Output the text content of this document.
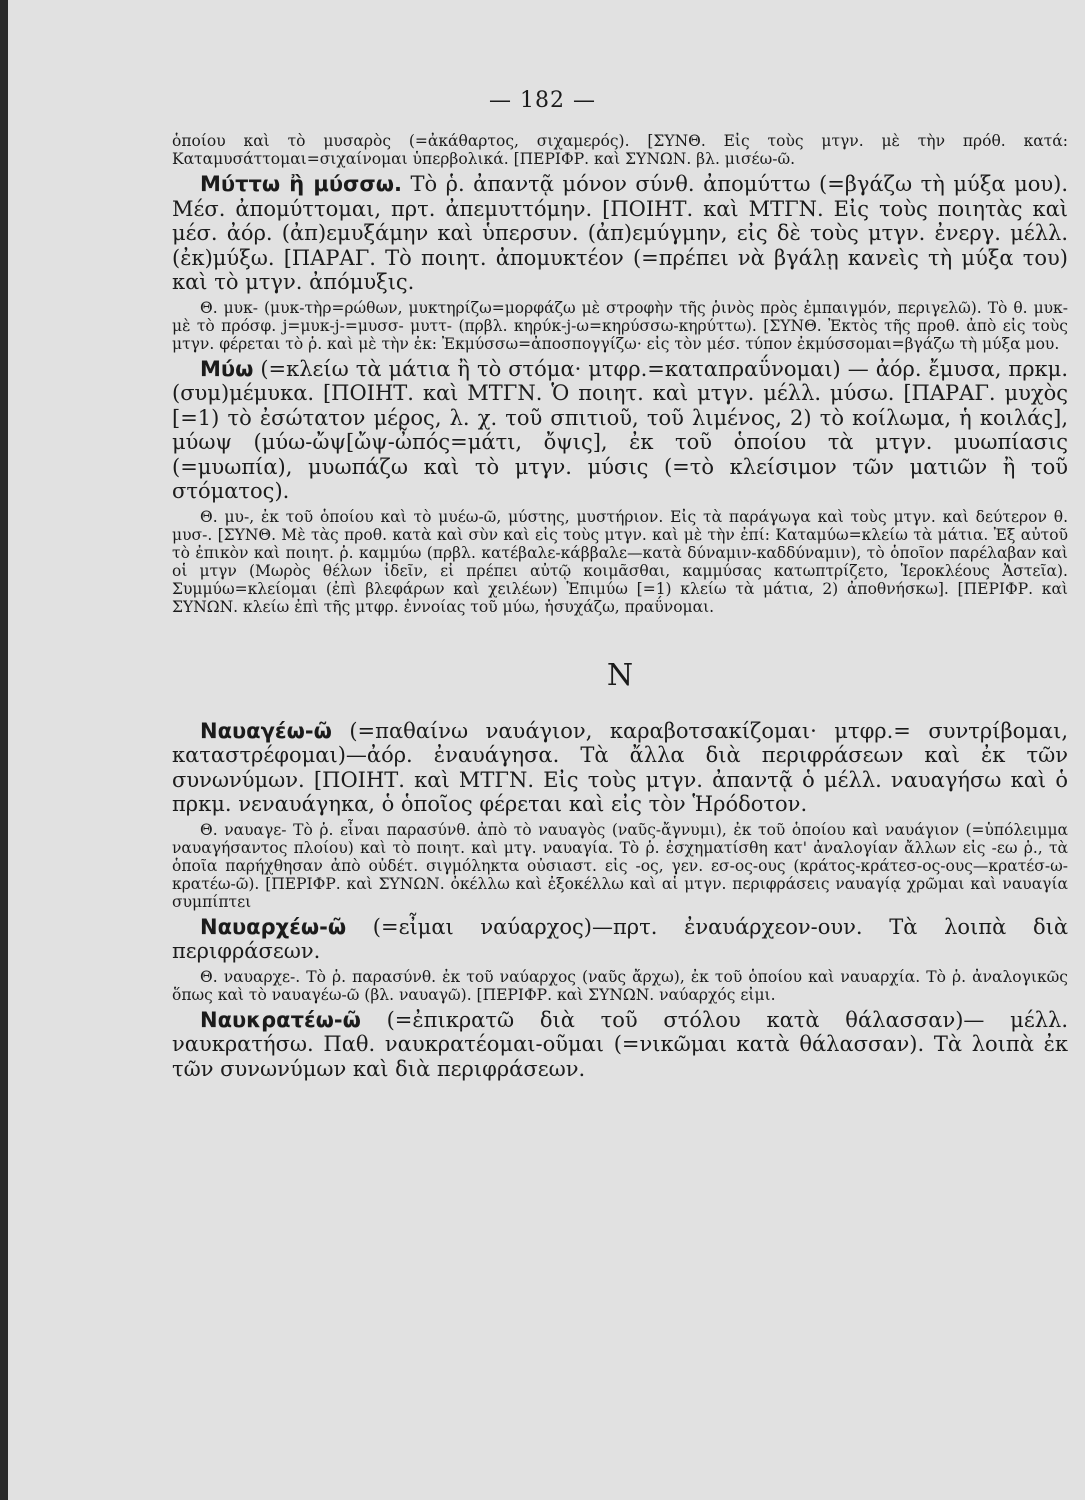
— 182 —

ὁποίου καὶ τὸ μυσαρὸς (=ἀκάθαρτος, σιχαμερός). [ΣΥΝΘ. Εἰς τοὺς μτγν. μὲ τὴν πρόθ. κατά: Καταμυσάττομαι=σιχαίνομαι ὑπερβολικά. [ΠΕΡΙΦΡ. καὶ ΣΥΝΩΝ. βλ. μισέω-ῶ.

Μύττω ἢ μύσσω. Τὸ ῥ. ἀπαντᾷ μόνον σύνθ. ἀπομύττω (=βγάζω τὴ μύξα μου). Μέσ. ἀπομύττομαι, πρτ. ἀπεμυττόμην. [ΠΟΙΗΤ. καὶ ΜΤΓΝ. Εἰς τοὺς ποιητὰς καὶ μέσ. ἀόρ. (ἀπ)εμυξάμην καὶ ὑπερσυν. (ἀπ)εμύγμην, εἰς δὲ τοὺς μτγν. ἐνεργ. μέλλ. (ἐκ)μύξω. [ΠΑΡΑΓ. Τὸ ποιητ. ἀπομυκτέον (=πρέπει νὰ βγάλῃ κανεὶς τὴ μύξα του) καὶ τὸ μτγν. ἀπόμυξις.

Θ. μυκ- (μυκ-τὴρ=ρώθων, μυκτηρίζω=μορφάζω μὲ στροφὴν τῆς ῥινὸς πρὸς ἐμπαιγμόν, περιγελῶ). Τὸ θ. μυκ- μὲ τὸ πρόσφ. j=μυκ-j-=μυσσ- μυττ- (πρβλ. κηρύκ-j-ω=κηρύσσω-κηρύττω). [ΣΥΝΘ. Ἐκτὸς τῆς προθ. ἀπὸ εἰς τοὺς μτγν. φέρεται τὸ ῥ. καὶ μὲ τὴν ἐκ: Ἐκμύσσω=ἀποσπογγίζω· εἰς τὸν μέσ. τύπον ἐκμύσσομαι=βγάζω τὴ μύξα μου.

Μύω (=κλείω τὰ μάτια ἢ τὸ στόμα· μτφρ.=καταπραΰνομαι) — ἀόρ. ἔμυσα, πρκμ. (συμ)μέμυκα. [ΠΟΙΗΤ. καὶ ΜΤΓΝ. Ὁ ποιητ. καὶ μτγν. μέλλ. μύσω. [ΠΑΡΑΓ. μυχὸς [=1) τὸ ἐσώτατον μέρος, λ. χ. τοῦ σπιτιοῦ, τοῦ λιμένος, 2) τὸ κοίλωμα, ἡ κοιλάς], μύωψ (μύω-ὤψ[ὤψ-ὦπός=μάτι, ὄψις], ἐκ τοῦ ὁποίου τὰ μτγν. μυωπίασις (=μυωπία), μυωπάζω καὶ τὸ μτγν. μύσις (=τὸ κλείσιμον τῶν ματιῶν ἢ τοῦ στόματος).

Θ. μυ-, ἐκ τοῦ ὁποίου καὶ τὸ μυέω-ῶ, μύστης, μυστήριον. Εἰς τὰ παράγωγα καὶ τοὺς μτγν. καὶ δεύτερον θ. μυσ-. [ΣΥΝΘ. Μὲ τὰς προθ. κατὰ καὶ σὺν καὶ εἰς τοὺς μτγν. καὶ μὲ τὴν ἐπί: Καταμύω=κλείω τὰ μάτια. Ἐξ αὐτοῦ τὸ ἐπικὸν καὶ ποιητ. ῥ. καμμύω (πρβλ. κατέβαλε-κάββαλε—κατὰ δύναμιν-καδδύναμιν), τὸ ὁποῖον παρέλαβαν καὶ οἱ μτγν (Μωρὸς θέλων ἰδεῖν, εἰ πρέπει αὐτῷ κοιμᾶσθαι, καμμύσας κατωπτρίζετο, Ἱεροκλέους Ἀστεῖα). Συμμύω=κλείομαι (ἐπὶ βλεφάρων καὶ χειλέων) Ἐπιμύω [=1) κλείω τὰ μάτια, 2) ἀποθνήσκω]. [ΠΕΡΙΦΡ. καὶ ΣΥΝΩΝ. κλείω ἐπὶ τῆς μτφρ. ἐννοίας τοῦ μύω, ἡσυχάζω, πραΰνομαι.

Ν

Ναυαγέω-ῶ (=παθαίνω ναυάγιον, καραβοτσακίζομαι· μτφρ.= συντρίβομαι, καταστρέφομαι)—ἀόρ. ἐναυάγησα. Τὰ ἄλλα διὰ περιφράσεων καὶ ἐκ τῶν συνωνύμων. [ΠΟΙΗΤ. καὶ ΜΤΓΝ. Εἰς τοὺς μτγν. ἀπαντᾷ ὁ μέλλ. ναυαγήσω καὶ ὁ πρκμ. νεναυάγηκα, ὁ ὁποῖος φέρεται καὶ εἰς τὸν Ἡρόδοτον.

Θ. ναυαγε- Τὸ ῥ. εἶναι παρασύνθ. ἀπὸ τὸ ναυαγὸς (ναῦς-ἄγνυμι), ἐκ τοῦ ὁποίου καὶ ναυάγιον (=ὑπόλειμμα ναυαγήσαντος πλοίου) καὶ τὸ ποιητ. καὶ μτγ. ναυαγία. Τὸ ῥ. ἐσχηματίσθη κατ' ἀναλογίαν ἄλλων εἰς -εω ῥ., τὰ ὁποῖα παρήχθησαν ἀπὸ οὐδέτ. σιγμόληκτα οὐσιαστ. εἰς -ος, γεν. εσ-ος-ους (κράτος-κράτεσ-ος-ους—κρατέσ-ω-κρατέω-ῶ). [ΠΕΡΙΦΡ. καὶ ΣΥΝΩΝ. ὀκέλλω καὶ ἐξοκέλλω καὶ αἱ μτγν. περιφράσεις ναυαγίᾳ χρῶμαι καὶ ναυαγία συμπίπτει

Ναυαρχέω-ῶ (=εἶμαι ναύαρχος)—πρτ. ἐναυάρχεον-ουν. Τὰ λοιπὰ διὰ περιφράσεων.

Θ. ναυαρχε-. Τὸ ῥ. παρασύνθ. ἐκ τοῦ ναύαρχος (ναῦς ἄρχω), ἐκ τοῦ ὁποίου καὶ ναυαρχία. Τὸ ῥ. ἀναλογικῶς ὅπως καὶ τὸ ναυαγέω-ῶ (βλ. ναυαγῶ). [ΠΕΡΙΦΡ. καὶ ΣΥΝΩΝ. ναύαρχός εἰμι.

Ναυκρατέω-ῶ (=ἐπικρατῶ διὰ τοῦ στόλου κατὰ θάλασσαν)— μέλλ. ναυκρατήσω. Παθ. ναυκρατέομαι-οῦμαι (=νικῶμαι κατὰ θάλασσαν). Τὰ λοιπὰ ἐκ τῶν συνωνύμων καὶ διὰ περιφράσεων.
